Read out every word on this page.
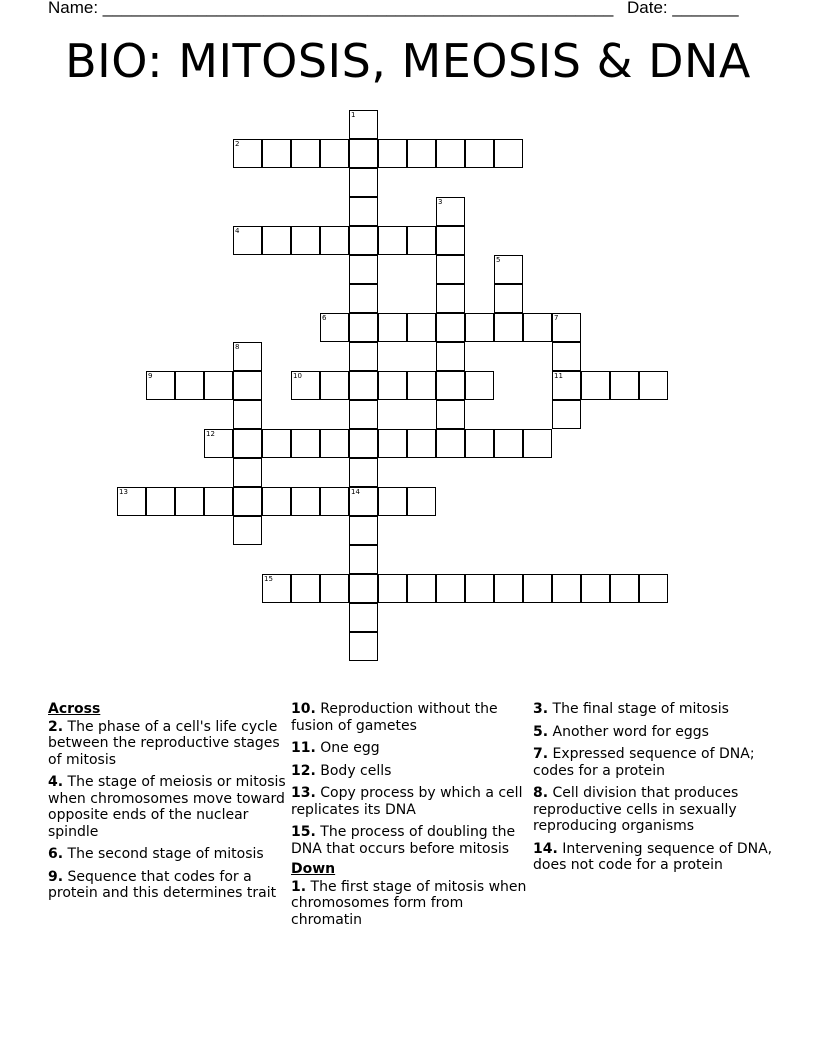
Name: ______________________________________________________ Date: _______
BIO: MITOSIS, MEOSIS & DNA
1
14
2
3
4
5
6	7
11
8
9	10
12
13
15
Across
2. The phase of a cell's life cycle between the reproductive stages of mitosis
4. The stage of meiosis or mitosis when chromosomes move toward opposite ends of the nuclear spindle
6. The second stage of mitosis
9. Sequence that codes for a protein and this determines trait
10. Reproduction without the fusion of gametes
11. One egg
12. Body cells
13. Copy process by which a cell replicates its DNA
15. The process of doubling the DNA that occurs before mitosis
Down
1. The first stage of mitosis when chromosomes form from chromatin
3. The final stage of mitosis
5. Another word for eggs
7. Expressed sequence of DNA; codes for a protein
8. Cell division that produces reproductive cells in sexually reproducing organisms
14. Intervening sequence of DNA, does not code for a protein
